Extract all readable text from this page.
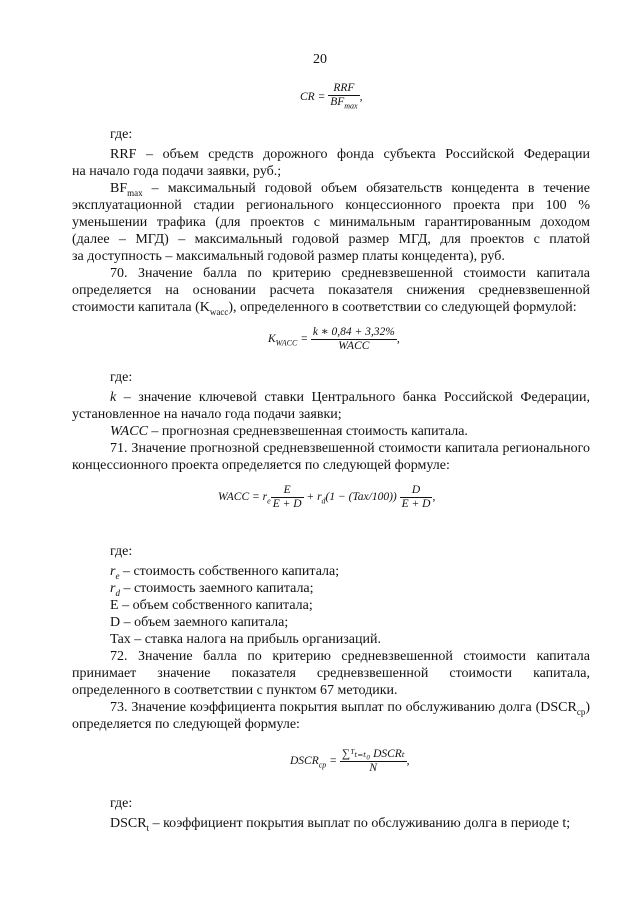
20
CR = $\frac{\text{RRF}}{BF_{max}}$ ,
где:
RRF – объем средств дорожного фонда субъекта Российской Федерации
на начало года подачи заявки, руб.;
$BF_{max}$ – максимальный годовой объем обязательств концедента в течение
эксплуатационной стадии регионального концессионного проекта при 100 %
уменьшении трафика (для проектов с минимальным гарантированным доходом
(далее – МГД) – максимальный годовой размер МГД, для проектов с платой
за доступность – максимальный годовой размер платы концедента), руб.
70. Значение балла по критерию средневзвешенной стоимости капитала
определяется на основании расчета показателя снижения средневзвешенной
стоимости капитала $(K_{wacc})$, определенного в соответствии со следующей формулой:
$K_{WACC} = \frac{k ∗ 0,84 + 3,32\%}{\text{WACC}}$ ,
где:
k – значение ключевой ставки Центрального банка Российской Федерации,
установленное на начало года подачи заявки;
WACC – прогнозная средневзвешенная стоимость капитала.
71. Значение прогнозной средневзвешенной стоимости капитала регионального
концессионного проекта определяется по следующей формуле:
WACC = $r_e \frac{E}{E + D} + r_d(1 - (Tax/100)) \frac{D}{E + D}$ ,
где:
$r_e$ – стоимость собственного капитала;
$r_d$ – стоимость заемного капитала;
E – объем собственного капитала;
D – объем заемного капитала;
Tax – ставка налога на прибыль организаций.
72. Значение балла по критерию средневзвешенной стоимости капитала
принимает значение показателя средневзвешенной стоимости капитала,
определенного в соответствии с пунктом 67 методики.
73. Значение коэффициента покрытия выплат по обслуживанию долга $(DSCR_{ср})$
определяется по следующей формуле:
$DSCR_{ср} = \frac{\text{∑ᵀₜ₌ₜ₀ DSCRₜ}}{N}$ ,
где:
$DSCR_t$ – коэффициент покрытия выплат по обслуживанию долга в периоде t;
